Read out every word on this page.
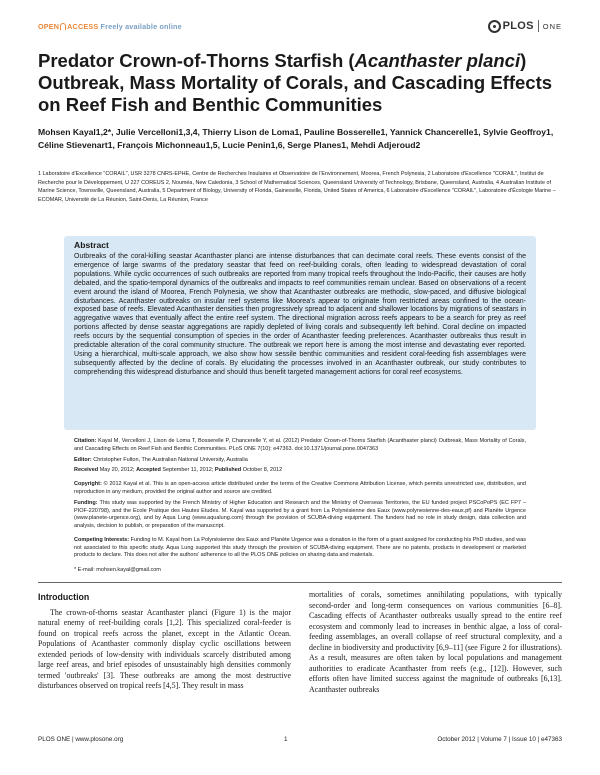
OPEN ACCESS Freely available online	PLOS ONE
Predator Crown-of-Thorns Starfish (Acanthaster planci) Outbreak, Mass Mortality of Corals, and Cascading Effects on Reef Fish and Benthic Communities
Mohsen Kayal1,2*, Julie Vercelloni1,3,4, Thierry Lison de Loma1, Pauline Bosserelle1, Yannick Chancerelle1, Sylvie Geoffroy1, Céline Stievenart1, François Michonneau1,5, Lucie Penin1,6, Serge Planes1, Mehdi Adjeroud2
1 Laboratoire d'Excellence "CORAIL", USR 3278 CNRS-EPHE, Centre de Recherches Insulaires et Observatoire de l'Environnement, Moorea, French Polynesia, 2 Laboratoire d'Excellence "CORAIL", Institut de Recherche pour le Développement, U 227 COREUS 2, Nouméa, New Caledonia, 3 School of Mathematical Sciences, Queensland University of Technology, Brisbane, Queensland, Australia, 4 Australian Institute of Marine Science, Townsville, Queensland, Australia, 5 Department of Biology, University of Florida, Gainesville, Florida, United States of America, 6 Laboratoire d'Excellence "CORAIL", Laboratoire d'Écologie Marine – ECOMAR, Université de La Réunion, Saint-Denis, La Réunion, France
Abstract
Outbreaks of the coral-killing seastar Acanthaster planci are intense disturbances that can decimate coral reefs. These events consist of the emergence of large swarms of the predatory seastar that feed on reef-building corals, often leading to widespread devastation of coral populations. While cyclic occurrences of such outbreaks are reported from many tropical reefs throughout the Indo-Pacific, their causes are hotly debated, and the spatio-temporal dynamics of the outbreaks and impacts to reef communities remain unclear. Based on observations of a recent event around the island of Moorea, French Polynesia, we show that Acanthaster outbreaks are methodic, slow-paced, and diffusive biological disturbances. Acanthaster outbreaks on insular reef systems like Moorea's appear to originate from restricted areas confined to the ocean-exposed base of reefs. Elevated Acanthaster densities then progressively spread to adjacent and shallower locations by migrations of seastars in aggregative waves that eventually affect the entire reef system. The directional migration across reefs appears to be a search for prey as reef portions affected by dense seastar aggregations are rapidly depleted of living corals and subsequently left behind. Coral decline on impacted reefs occurs by the sequential consumption of species in the order of Acanthaster feeding preferences. Acanthaster outbreaks thus result in predictable alteration of the coral community structure. The outbreak we report here is among the most intense and devastating ever reported. Using a hierarchical, multi-scale approach, we also show how sessile benthic communities and resident coral-feeding fish assemblages were subsequently affected by the decline of corals. By elucidating the processes involved in an Acanthaster outbreak, our study contributes to comprehending this widespread disturbance and should thus benefit targeted management actions for coral reef ecosystems.
Citation: Kayal M, Vercelloni J, Lison de Loma T, Bosserelle P, Chancerelle Y, et al. (2012) Predator Crown-of-Thorns Starfish (Acanthaster planci) Outbreak, Mass Mortality of Corals, and Cascading Effects on Reef Fish and Benthic Communities. PLoS ONE 7(10): e47363. doi:10.1371/journal.pone.0047363
Editor: Christopher Fulton, The Australian National University, Australia
Received May 20, 2012; Accepted September 11, 2012; Published October 8, 2012
Copyright: © 2012 Kayal et al. This is an open-access article distributed under the terms of the Creative Commons Attribution License, which permits unrestricted use, distribution, and reproduction in any medium, provided the original author and source are credited.
Funding: This study was supported by the French Ministry of Higher Education and Research and the Ministry of Overseas Territories, the EU funded project PSCoPoPS (EC FP7 – PIOF-220798), and the Ecole Pratique des Hautes Etudes. M. Kayal was supported by a grant from La Polynésienne des Eaux (www.polynesienne-des-eaux.pf) and Planète Urgence (www.planete-urgence.org), and by Aqua Lung (www.aqualung.com) through the provision of SCUBA-diving equipment. The funders had no role in study design, data collection and analysis, decision to publish, or preparation of the manuscript.
Competing Interests: Funding to M. Kayal from La Polynésienne des Eaux and Planète Urgence was a donation in the form of a grant assigned for conducting his PhD studies, and was not associated to this specific study. Aqua Lung supported this study through the provision of SCUBA-diving equipment. There are no patents, products in development or marketed products to declare. This does not alter the authors' adherence to all the PLOS ONE policies on sharing data and materials.
* E-mail: mohsen.kayal@gmail.com
Introduction

The crown-of-thorns seastar Acanthaster planci (Figure 1) is the major natural enemy of reef-building corals [1,2]. This specialized coral-feeder is found on tropical reefs across the planet, except in the Atlantic Ocean. Populations of Acanthaster commonly display cyclic oscillations between extended periods of low-density with individuals scarcely distributed among large reef areas, and brief episodes of unsustainably high densities commonly termed 'outbreaks' [3]. These outbreaks are among the most destructive disturbances observed on tropical reefs [4,5]. They result in mass

mortalities of corals, sometimes annihilating populations, with typically second-order and long-term consequences on various communities [6–8]. Cascading effects of Acanthaster outbreaks usually spread to the entire reef ecosystem and commonly lead to increases in benthic algae, a loss of coral-feeding assemblages, an overall collapse of reef structural complexity, and a decline in biodiversity and productivity [6,9–11] (see Figure 2 for illustrations). As a result, measures are often taken by local populations and management authorities to eradicate Acanthaster from reefs (e.g., [12]). However, such efforts often have limited success against the magnitude of outbreaks [6,13]. Acanthaster outbreaks

PLOS ONE | www.plosone.org	1	October 2012 | Volume 7 | Issue 10 | e47363
